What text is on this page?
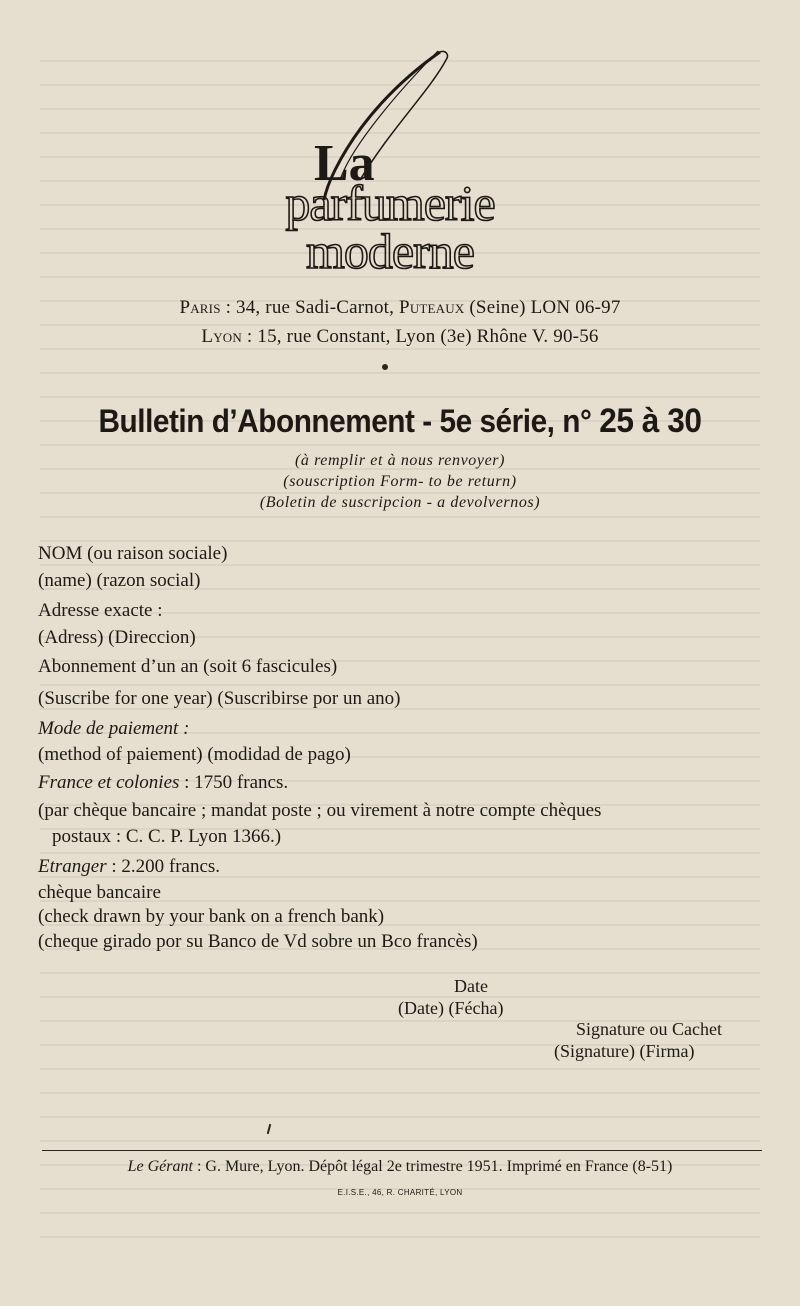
La
parfumerie
moderne
Paris : 34, rue Sadi-Carnot, Puteaux (Seine) LON 06-97
Lyon : 15, rue Constant, Lyon (3e) Rhône V. 90-56
Bulletin d’Abonnement - 5e série, n° 25 à 30
(à remplir et à nous renvoyer)
(souscription Form- to be return)
(Boletin de suscripcion - a devolvernos)
NOM (ou raison sociale)
(name) (razon social)
Adresse exacte :
(Adress) (Direccion)
Abonnement d’un an (soit 6 fascicules)
(Suscribe for one year) (Suscribirse por un ano)
Mode de paiement :
(method of paiement) (modidad de pago)
France et colonies : 1750 francs.
(par chèque bancaire ; mandat poste ; ou virement à notre compte chèques
postaux : C. C. P. Lyon 1366.)
Etranger : 2.200 francs.
chèque bancaire
(check drawn by your bank on a french bank)
(cheque girado por su Banco de Vd sobre un Bco francès)
Date
(Date) (Fécha)
Signature ou Cachet
(Signature) (Firma)
Le Gérant : G. Mure, Lyon. Dépôt légal 2e trimestre 1951. Imprimé en France (8-51)
E.I.S.E., 46, R. CHARITÉ, LYON
